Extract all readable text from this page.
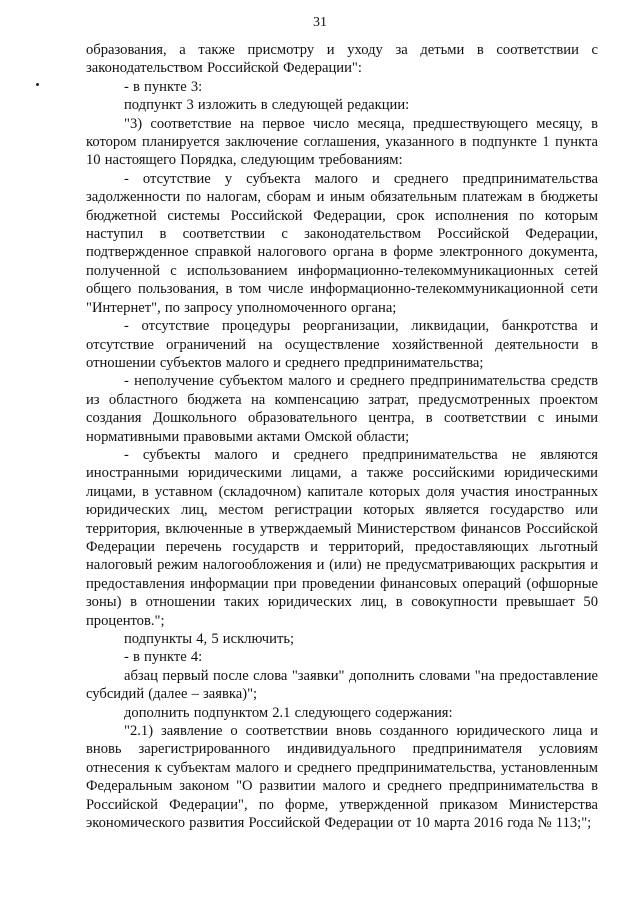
31

образования, а также присмотру и уходу за детьми в соответствии с законодательством Российской Федерации":

- в пункте 3:

подпункт 3 изложить в следующей редакции:

"3) соответствие на первое число месяца, предшествующего месяцу, в котором планируется заключение соглашения, указанного в подпункте 1 пункта 10 настоящего Порядка, следующим требованиям:

- отсутствие у субъекта малого и среднего предпринимательства задолженности по налогам, сборам и иным обязательным платежам в бюджеты бюджетной системы Российской Федерации, срок исполнения по которым наступил в соответствии с законодательством Российской Федерации, подтвержденное справкой налогового органа в форме электронного документа, полученной с использованием информационно-телекоммуникационных сетей общего пользования, в том числе информационно-телекоммуникационной сети "Интернет", по запросу уполномоченного органа;

- отсутствие процедуры реорганизации, ликвидации, банкротства и отсутствие ограничений на осуществление хозяйственной деятельности в отношении субъектов малого и среднего предпринимательства;

- неполучение субъектом малого и среднего предпринимательства средств из областного бюджета на компенсацию затрат, предусмотренных проектом создания Дошкольного образовательного центра, в соответствии с иными нормативными правовыми актами Омской области;

- субъекты малого и среднего предпринимательства не являются иностранными юридическими лицами, а также российскими юридическими лицами, в уставном (складочном) капитале которых доля участия иностранных юридических лиц, местом регистрации которых является государство или территория, включенные в утверждаемый Министерством финансов Российской Федерации перечень государств и территорий, предоставляющих льготный налоговый режим налогообложения и (или) не предусматривающих раскрытия и предоставления информации при проведении финансовых операций (офшорные зоны) в отношении таких юридических лиц, в совокупности превышает 50 процентов.";

подпункты 4, 5 исключить;

- в пункте 4:

абзац первый после слова "заявки" дополнить словами "на предоставление субсидий (далее – заявка)";

дополнить подпунктом 2.1 следующего содержания:

"2.1) заявление о соответствии вновь созданного юридического лица и вновь зарегистрированного индивидуального предпринимателя условиям отнесения к субъектам малого и среднего предпринимательства, установленным Федеральным законом "О развитии малого и среднего предпринимательства в Российской Федерации", по форме, утвержденной приказом Министерства экономического развития Российской Федерации от 10 марта 2016 года № 113;";
